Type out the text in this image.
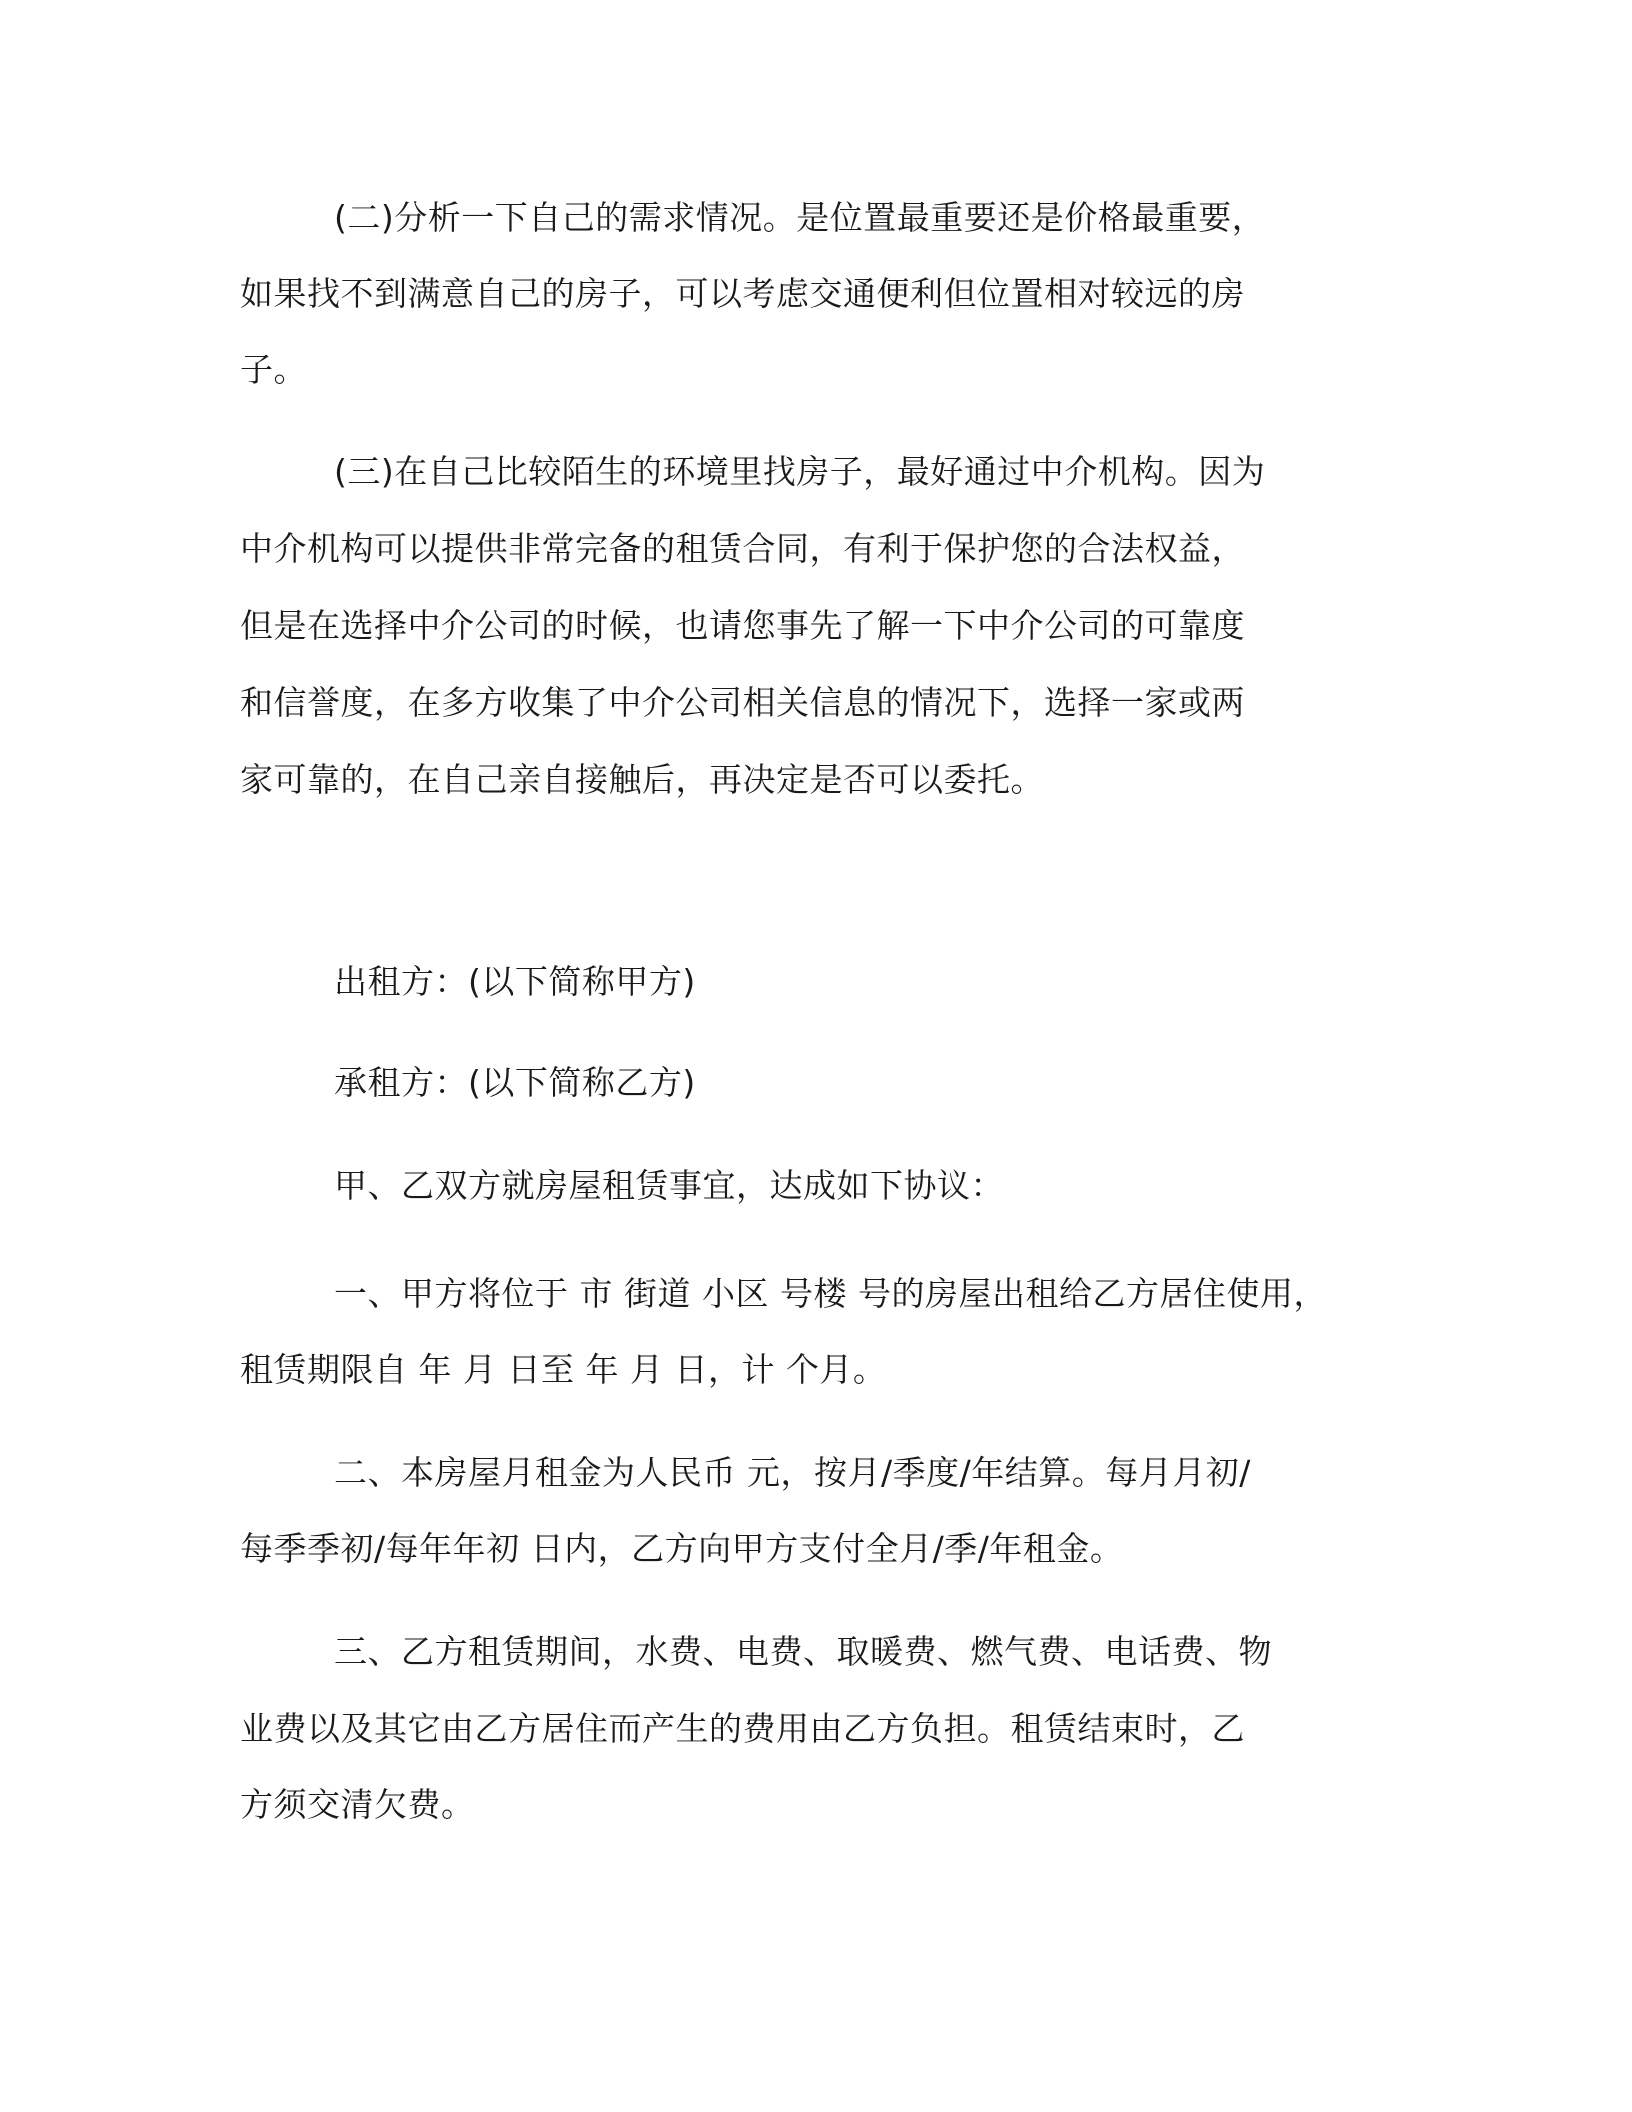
(二)分析一下自己的需求情况。是位置最重要还是价格最重要，

如果找不到满意自己的房子，可以考虑交通便利但位置相对较远的房

子。

(三)在自己比较陌生的环境里找房子，最好通过中介机构。因为

中介机构可以提供非常完备的租赁合同，有利于保护您的合法权益，

但是在选择中介公司的时候，也请您事先了解一下中介公司的可靠度

和信誉度，在多方收集了中介公司相关信息的情况下，选择一家或两

家可靠的，在自己亲自接触后，再决定是否可以委托。

出租方：(以下简称甲方)

承租方：(以下简称乙方)

甲、乙双方就房屋租赁事宜，达成如下协议：

一、甲方将位于 市 街道 小区 号楼 号的房屋出租给乙方居住使用，

租赁期限自 年 月 日至 年 月 日，计 个月。

二、本房屋月租金为人民币 元，按月/季度/年结算。每月月初/

每季季初/每年年初 日内，乙方向甲方支付全月/季/年租金。

三、乙方租赁期间，水费、电费、取暖费、燃气费、电话费、物

业费以及其它由乙方居住而产生的费用由乙方负担。租赁结束时，乙

方须交清欠费。
